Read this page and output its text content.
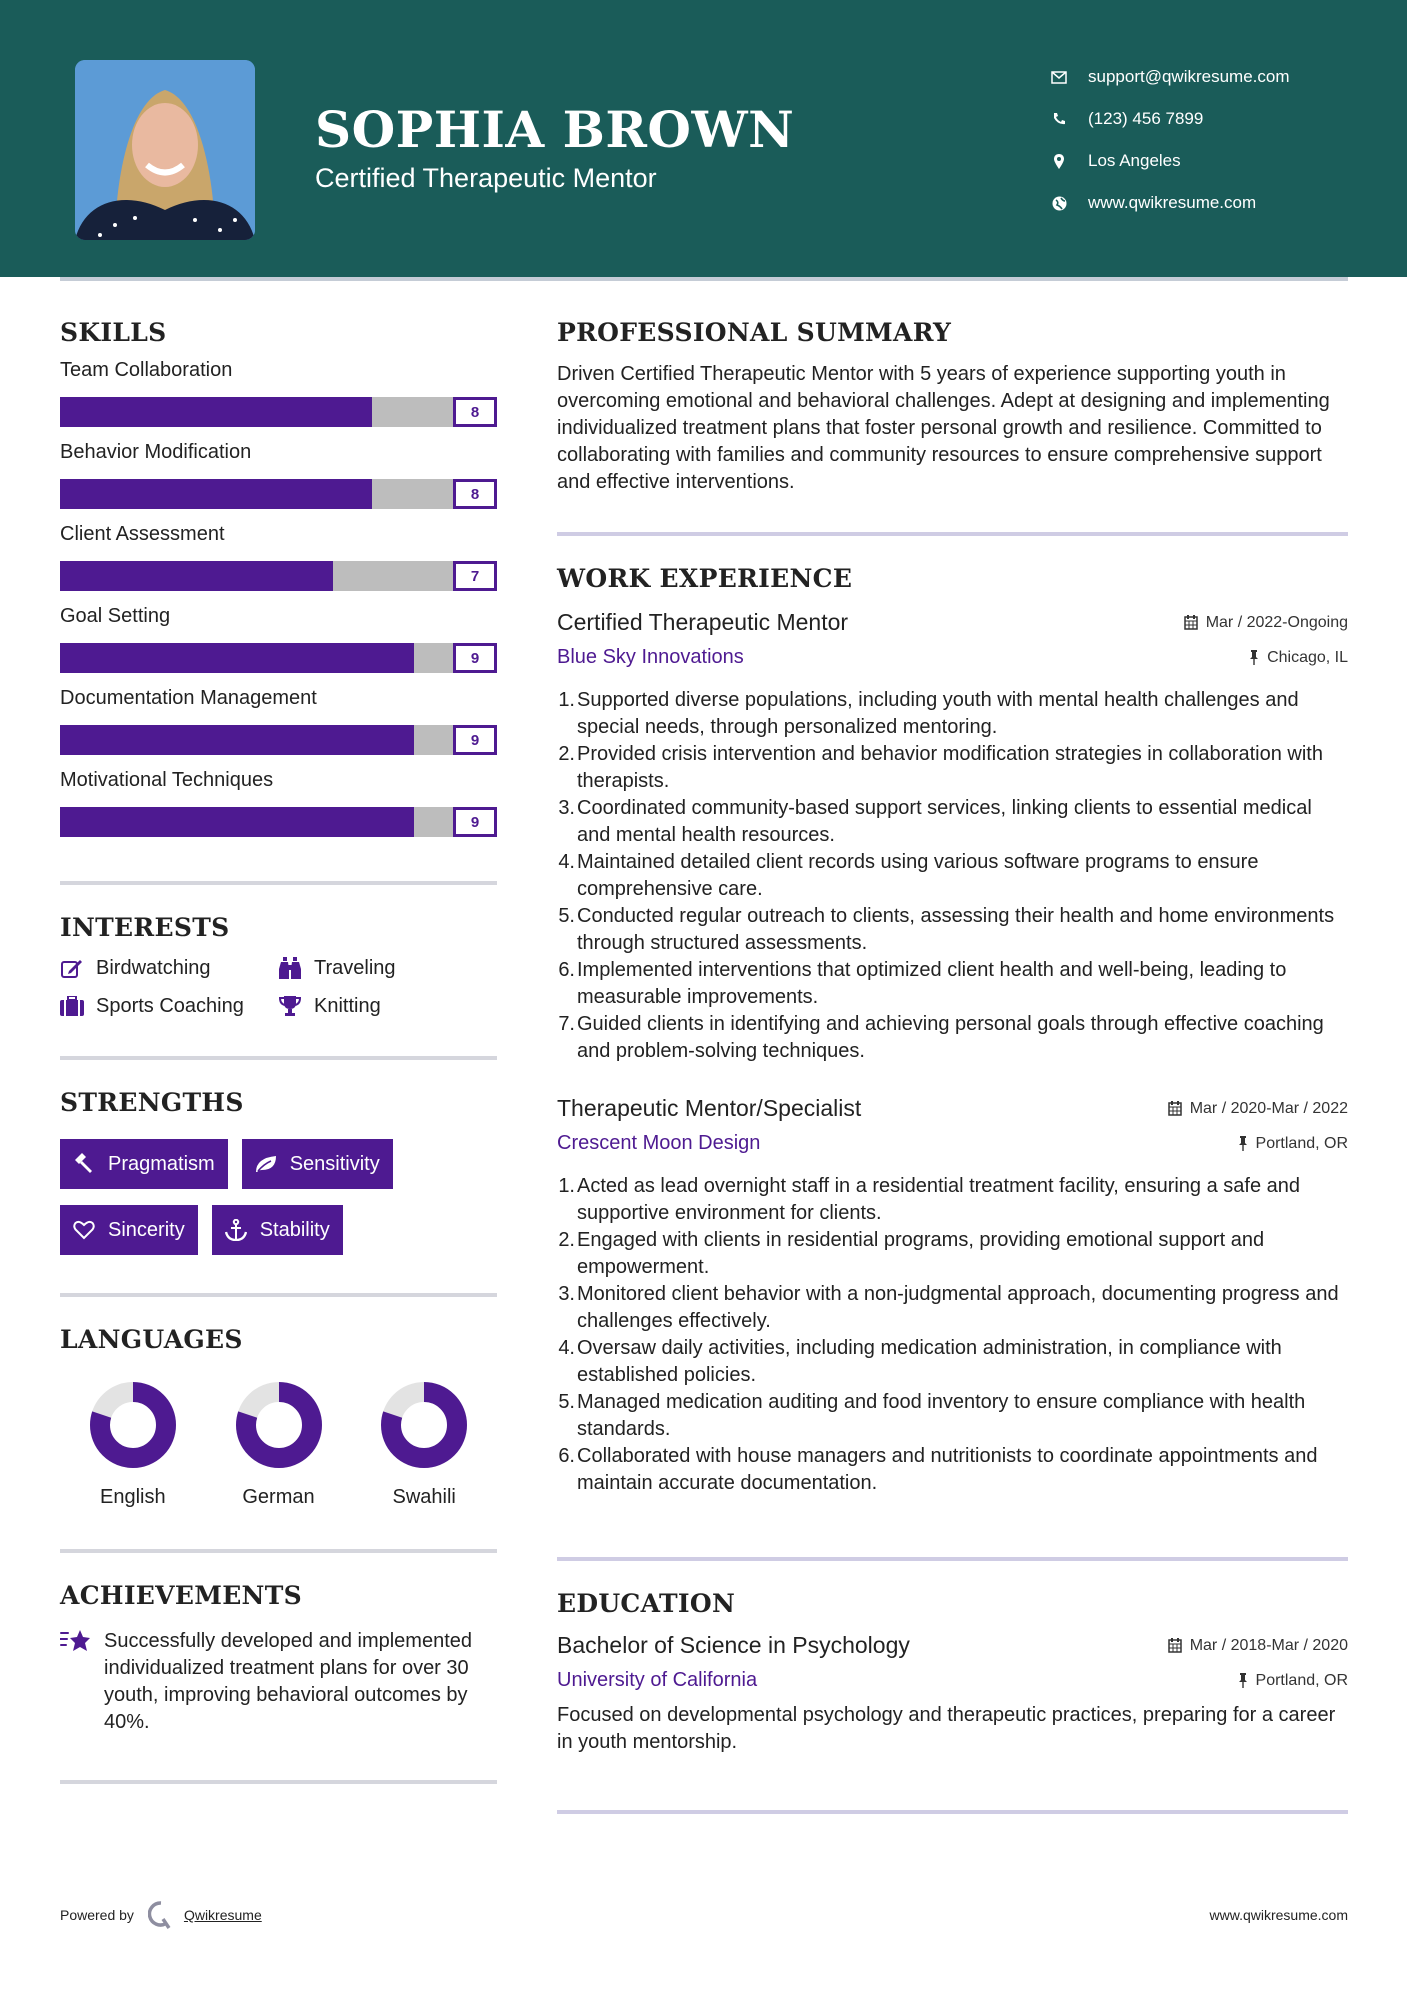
SOPHIA BROWN
Certified Therapeutic Mentor
support@qwikresume.com
(123) 456 7899
Los Angeles
www.qwikresume.com
SKILLS
Team Collaboration
8
Behavior Modification
8
Client Assessment
7
Goal Setting
9
Documentation Management
9
Motivational Techniques
9
INTERESTS
Birdwatching	Traveling
Sports Coaching	Knitting
STRENGTHS
Pragmatism	Sensitivity
Sincerity	Stability
LANGUAGES
English	German	Swahili
ACHIEVEMENTS
Successfully developed and implemented individualized treatment plans for over 30 youth, improving behavioral outcomes by 40%.
PROFESSIONAL SUMMARY
Driven Certified Therapeutic Mentor with 5 years of experience supporting youth in overcoming emotional and behavioral challenges. Adept at designing and implementing individualized treatment plans that foster personal growth and resilience. Committed to collaborating with families and community resources to ensure comprehensive support and effective interventions.
WORK EXPERIENCE
Certified Therapeutic Mentor	Mar / 2022-Ongoing
Blue Sky Innovations	Chicago, IL
1. Supported diverse populations, including youth with mental health challenges and special needs, through personalized mentoring.
2. Provided crisis intervention and behavior modification strategies in collaboration with therapists.
3. Coordinated community-based support services, linking clients to essential medical and mental health resources.
4. Maintained detailed client records using various software programs to ensure comprehensive care.
5. Conducted regular outreach to clients, assessing their health and home environments through structured assessments.
6. Implemented interventions that optimized client health and well-being, leading to measurable improvements.
7. Guided clients in identifying and achieving personal goals through effective coaching and problem-solving techniques.
Therapeutic Mentor/Specialist	Mar / 2020-Mar / 2022
Crescent Moon Design	Portland, OR
1. Acted as lead overnight staff in a residential treatment facility, ensuring a safe and supportive environment for clients.
2. Engaged with clients in residential programs, providing emotional support and empowerment.
3. Monitored client behavior with a non-judgmental approach, documenting progress and challenges effectively.
4. Oversaw daily activities, including medication administration, in compliance with established policies.
5. Managed medication auditing and food inventory to ensure compliance with health standards.
6. Collaborated with house managers and nutritionists to coordinate appointments and maintain accurate documentation.
EDUCATION
Bachelor of Science in Psychology	Mar / 2018-Mar / 2020
University of California	Portland, OR
Focused on developmental psychology and therapeutic practices, preparing for a career in youth mentorship.
Powered by	Qwikresume	www.qwikresume.com
